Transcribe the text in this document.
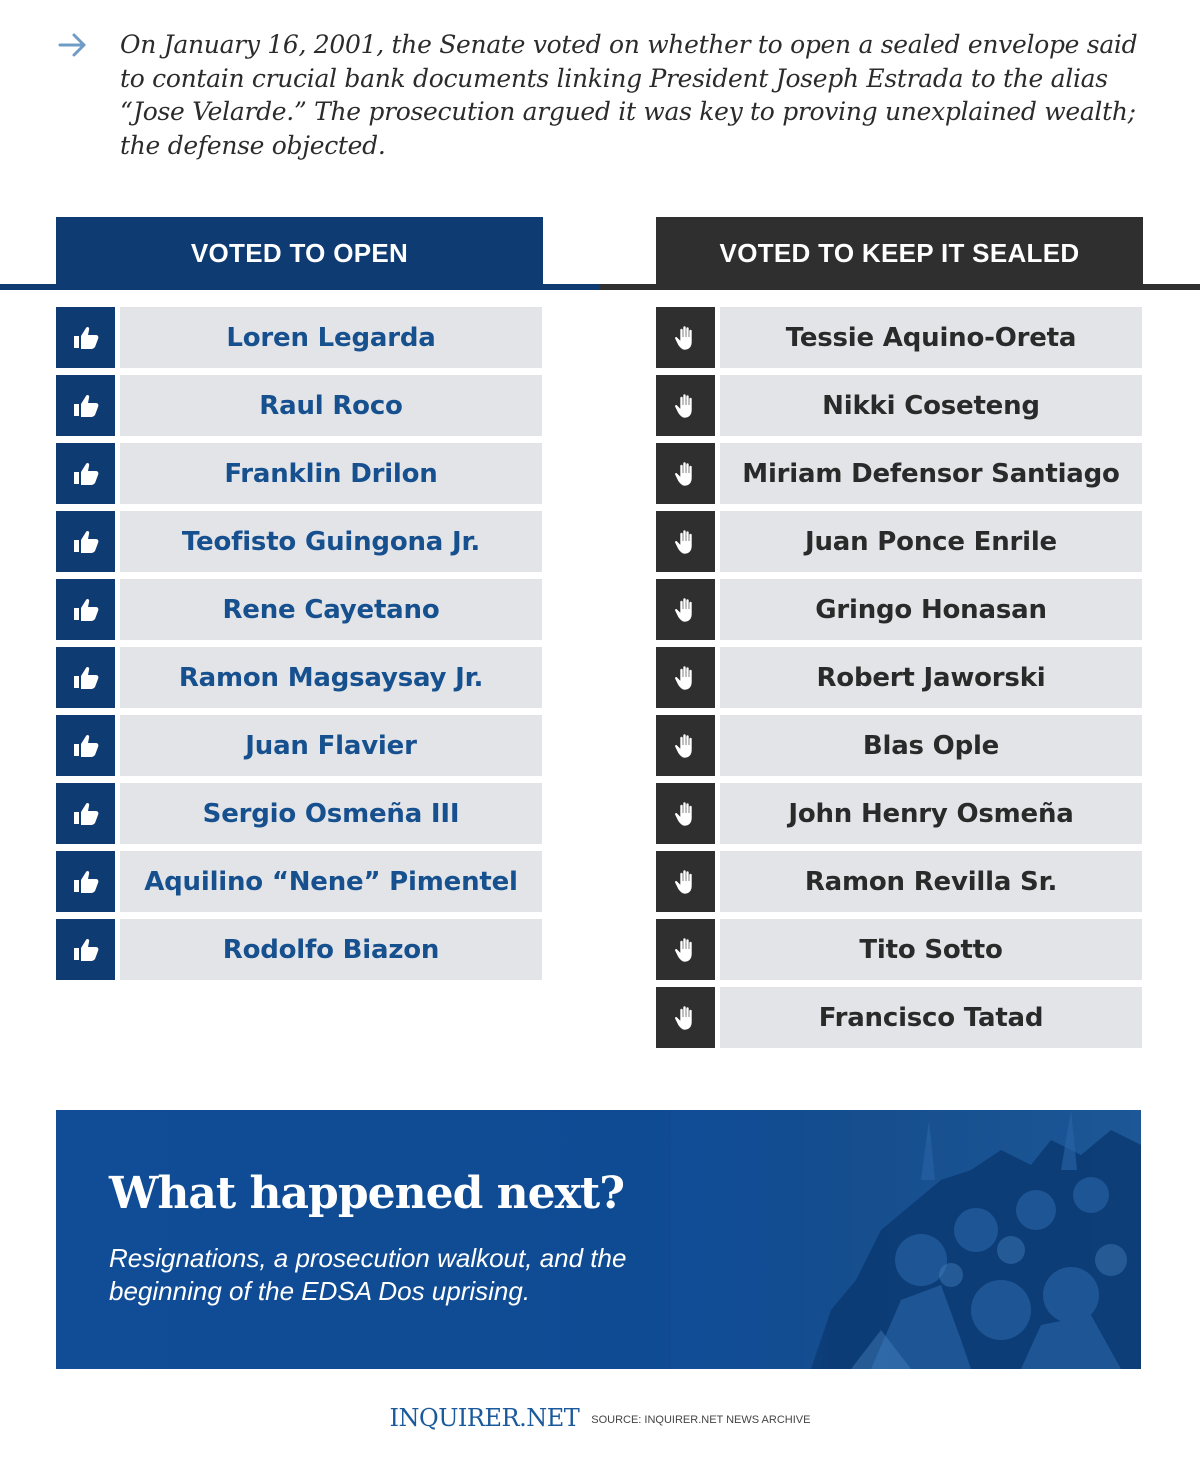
On January 16, 2001, the Senate voted on whether to open a sealed envelope said to contain crucial bank documents linking President Joseph Estrada to the alias “Jose Velarde.” The prosecution argued it was key to proving unexplained wealth; the defense objected.

VOTED TO OPEN	VOTED TO KEEP IT SEALED
Loren Legarda
Raul Roco
Franklin Drilon
Teofisto Guingona Jr.
Rene Cayetano
Ramon Magsaysay Jr.
Juan Flavier
Sergio Osmeña III
Aquilino “Nene” Pimentel
Rodolfo Biazon
Tessie Aquino-Oreta
Nikki Coseteng
Miriam Defensor Santiago
Juan Ponce Enrile
Gringo Honasan
Robert Jaworski
Blas Ople
John Henry Osmeña
Ramon Revilla Sr.
Tito Sotto
Francisco Tatad
What happened next?

Resignations, a prosecution walkout, and the beginning of the EDSA Dos uprising.

INQUIRER.NET SOURCE: INQUIRER.NET NEWS ARCHIVE
